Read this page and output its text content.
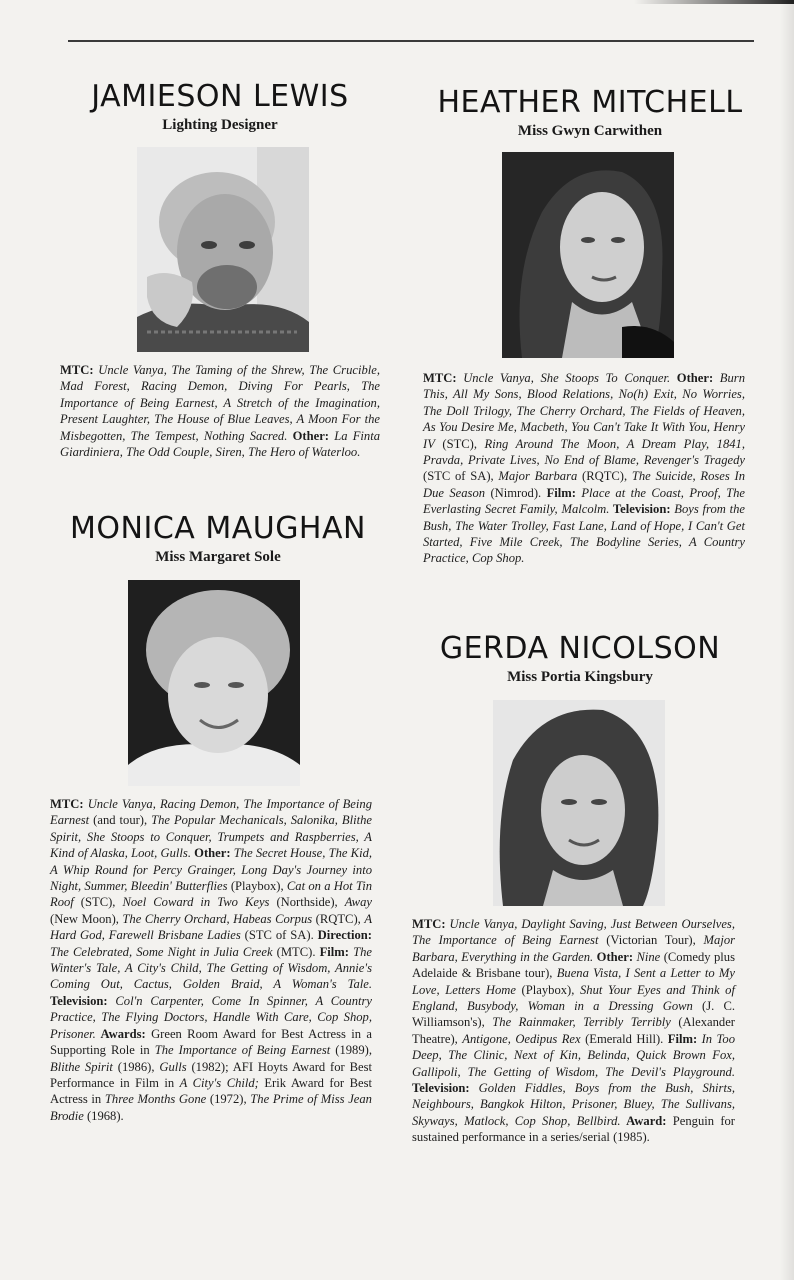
JAMIESON LEWIS
Lighting Designer
MTC: Uncle Vanya, The Taming of the Shrew, The Crucible, Mad Forest, Racing Demon, Diving For Pearls, The Importance of Being Earnest, A Stretch of the Imagination, Present Laughter, The House of Blue Leaves, A Moon For the Misbegotten, The Tempest, Nothing Sacred. Other: La Finta Giardiniera, The Odd Couple, Siren, The Hero of Waterloo.
HEATHER MITCHELL
Miss Gwyn Carwithen
MTC: Uncle Vanya, She Stoops To Conquer. Other: Burn This, All My Sons, Blood Relations, No(h) Exit, No Worries, The Doll Trilogy, The Cherry Orchard, The Fields of Heaven, As You Desire Me, Macbeth, You Can't Take It With You, Henry IV (STC), Ring Around The Moon, A Dream Play, 1841, Pravda, Private Lives, No End of Blame, Revenger's Tragedy (STC of SA), Major Barbara (RQTC), The Suicide, Roses In Due Season (Nimrod). Film: Place at the Coast, Proof, The Everlasting Secret Family, Malcolm. Television: Boys from the Bush, The Water Trolley, Fast Lane, Land of Hope, I Can't Get Started, Five Mile Creek, The Bodyline Series, A Country Practice, Cop Shop.
MONICA MAUGHAN
Miss Margaret Sole
MTC: Uncle Vanya, Racing Demon, The Importance of Being Earnest (and tour), The Popular Mechanicals, Salonika, Blithe Spirit, She Stoops to Conquer, Trumpets and Raspberries, A Kind of Alaska, Loot, Gulls. Other: The Secret House, The Kid, A Whip Round for Percy Grainger, Long Day's Journey into Night, Summer, Bleedin' Butterflies (Playbox), Cat on a Hot Tin Roof (STC), Noel Coward in Two Keys (Northside), Away (New Moon), The Cherry Orchard, Habeas Corpus (RQTC), A Hard God, Farewell Brisbane Ladies (STC of SA). Direction: The Celebrated, Some Night in Julia Creek (MTC). Film: The Winter's Tale, A City's Child, The Getting of Wisdom, Annie's Coming Out, Cactus, Golden Braid, A Woman's Tale. Television: Col'n Carpenter, Come In Spinner, A Country Practice, The Flying Doctors, Handle With Care, Cop Shop, Prisoner. Awards: Green Room Award for Best Actress in a Supporting Role in The Importance of Being Earnest (1989), Blithe Spirit (1986), Gulls (1982); AFI Hoyts Award for Best Performance in Film in A City's Child; Erik Award for Best Actress in Three Months Gone (1972), The Prime of Miss Jean Brodie (1968).
GERDA NICOLSON
Miss Portia Kingsbury
MTC: Uncle Vanya, Daylight Saving, Just Between Ourselves, The Importance of Being Earnest (Victorian Tour), Major Barbara, Everything in the Garden. Other: Nine (Comedy plus Adelaide & Brisbane tour), Buena Vista, I Sent a Letter to My Love, Letters Home (Playbox), Shut Your Eyes and Think of England, Busybody, Woman in a Dressing Gown (J. C. Williamson's), The Rainmaker, Terribly Terribly (Alexander Theatre), Antigone, Oedipus Rex (Emerald Hill). Film: In Too Deep, The Clinic, Next of Kin, Belinda, Quick Brown Fox, Gallipoli, The Getting of Wisdom, The Devil's Playground. Television: Golden Fiddles, Boys from the Bush, Shirts, Neighbours, Bangkok Hilton, Prisoner, Bluey, The Sullivans, Skyways, Matlock, Cop Shop, Bellbird. Award: Penguin for sustained performance in a series/serial (1985).
